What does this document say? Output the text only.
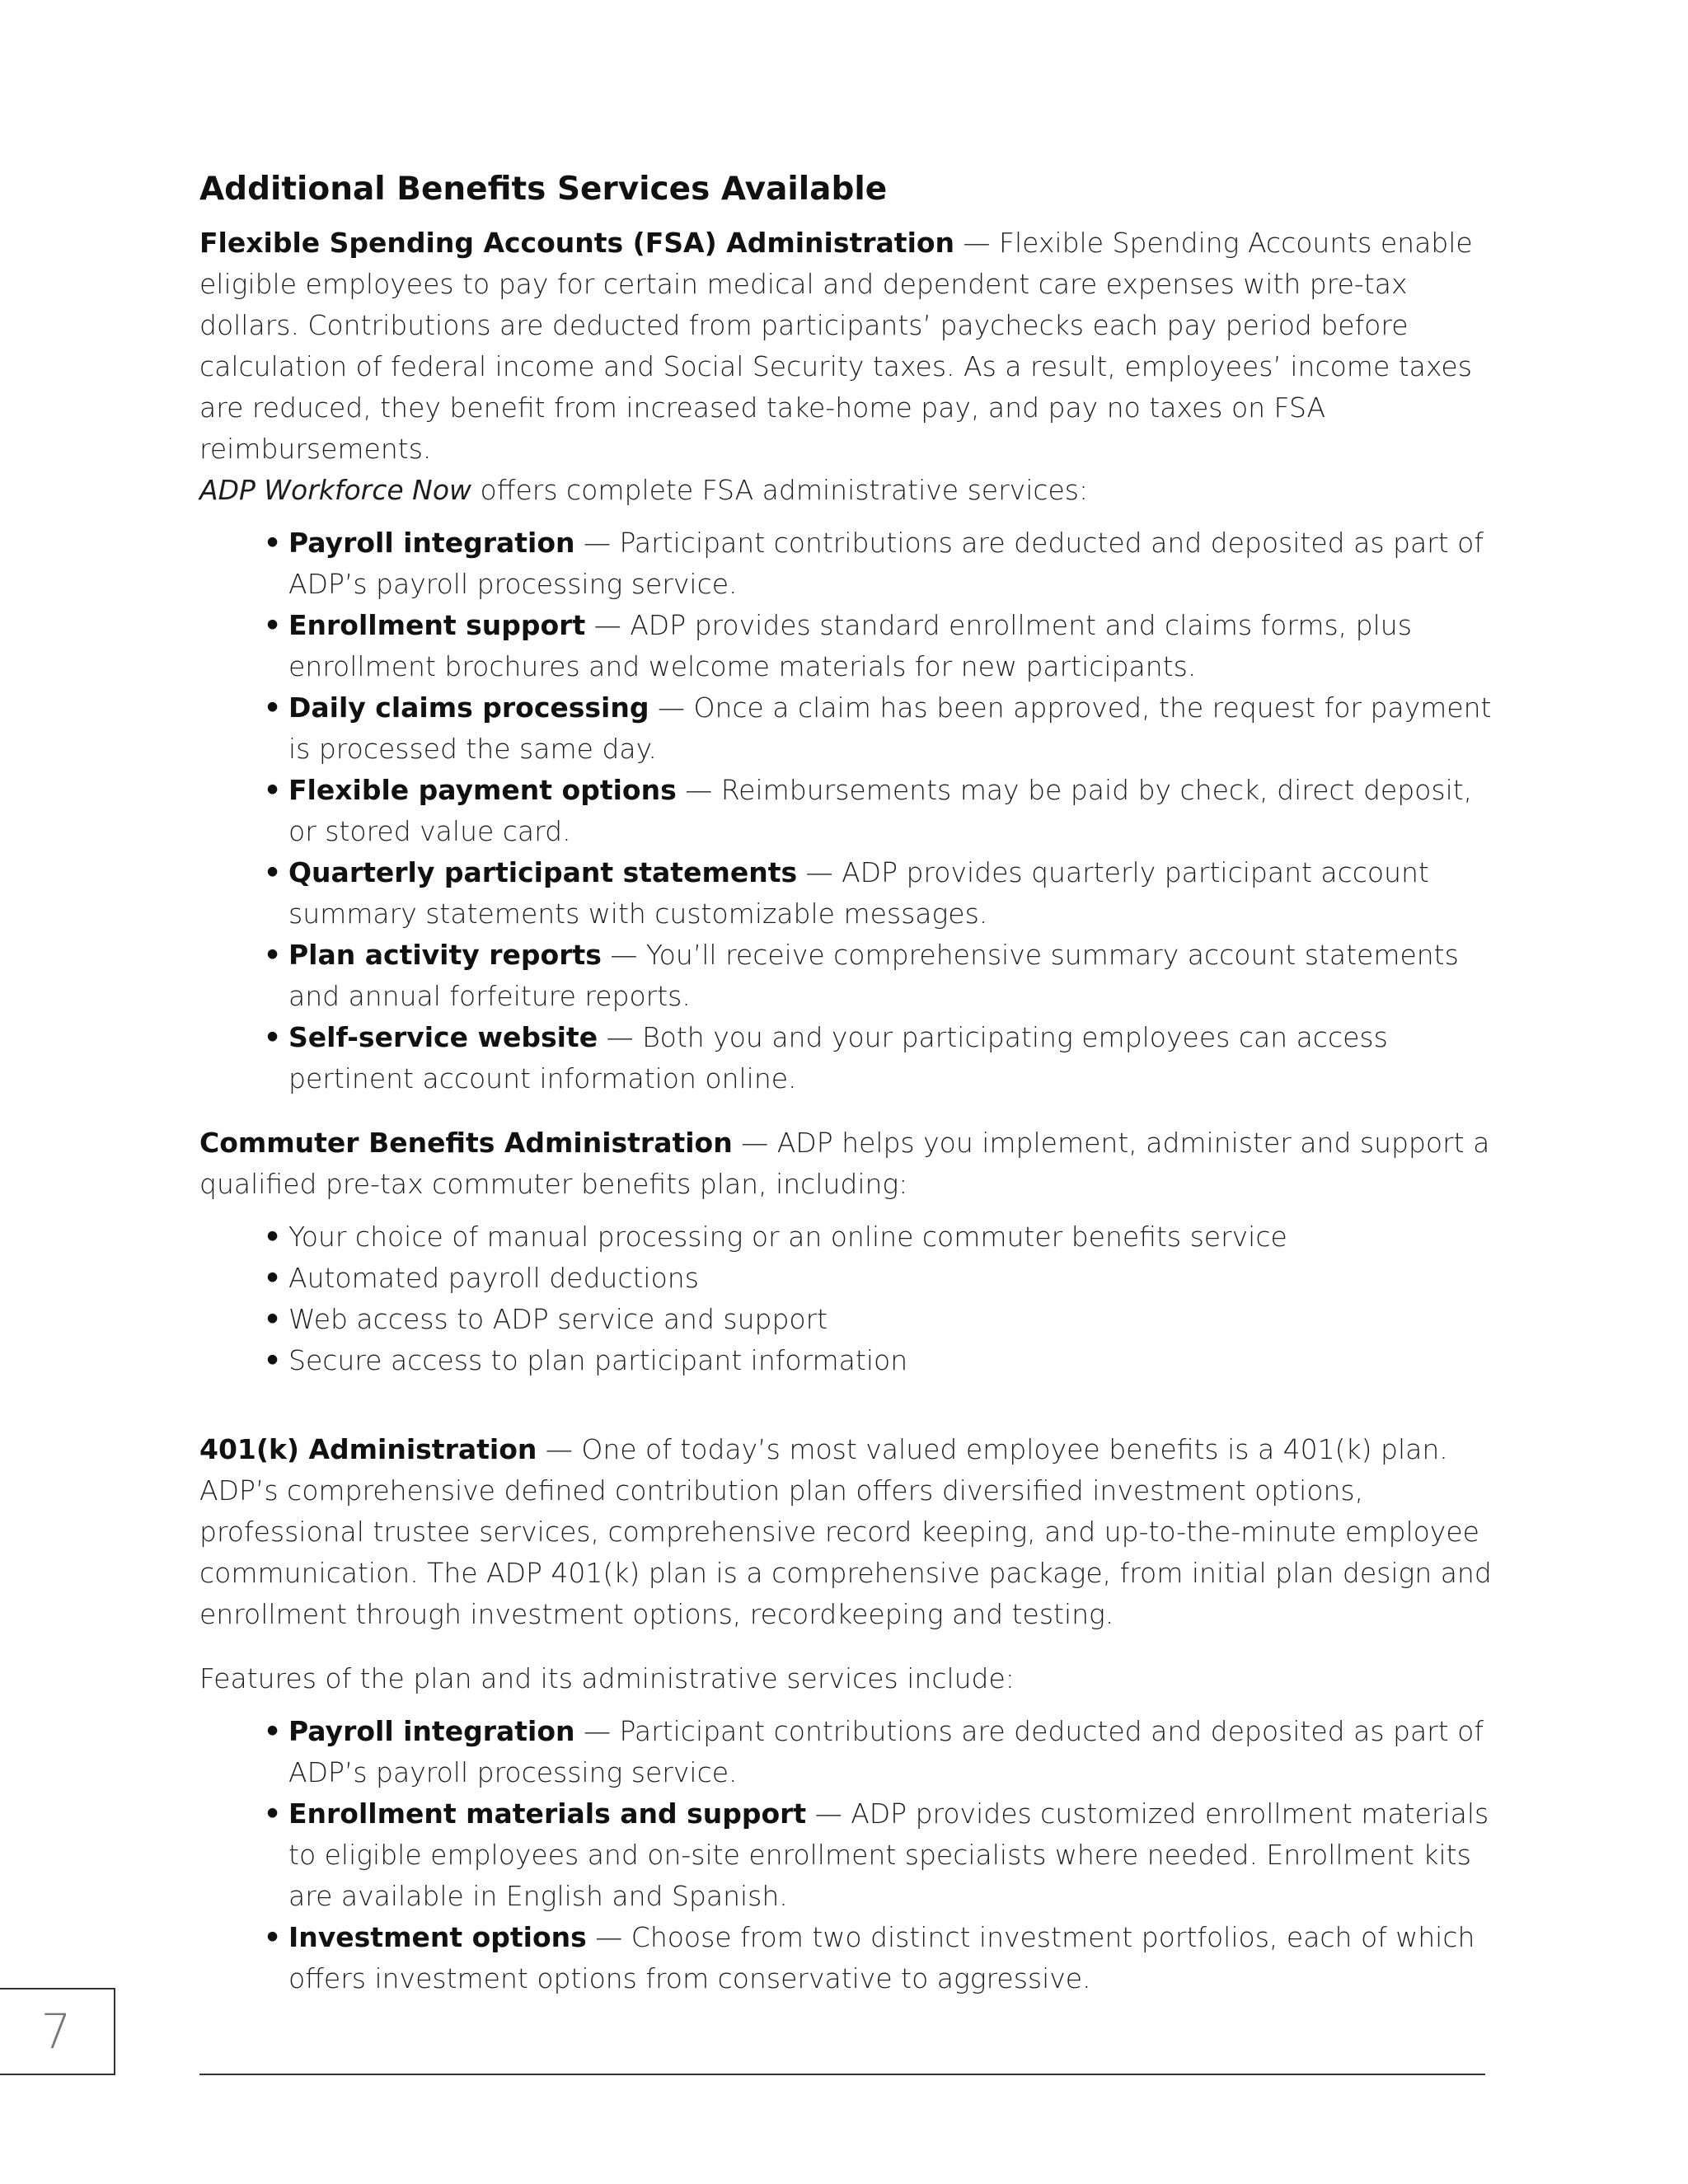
Additional Benefits Services Available

Flexible Spending Accounts (FSA) Administration — Flexible Spending Accounts enable eligible employees to pay for certain medical and dependent care expenses with pre-tax dollars. Contributions are deducted from participants’ paychecks each pay period before calculation of federal income and Social Security taxes. As a result, employees’ income taxes are reduced, they benefit from increased take-home pay, and pay no taxes on FSA reimbursements.

ADP Workforce Now offers complete FSA administrative services:

• Payroll integration — Participant contributions are deducted and deposited as part of ADP’s payroll processing service.
• Enrollment support — ADP provides standard enrollment and claims forms, plus enrollment brochures and welcome materials for new participants.
• Daily claims processing — Once a claim has been approved, the request for payment is processed the same day.
• Flexible payment options — Reimbursements may be paid by check, direct deposit, or stored value card.
• Quarterly participant statements — ADP provides quarterly participant account summary statements with customizable messages.
• Plan activity reports — You’ll receive comprehensive summary account statements and annual forfeiture reports.
• Self-service website — Both you and your participating employees can access pertinent account information online.

Commuter Benefits Administration — ADP helps you implement, administer and support a qualified pre-tax commuter benefits plan, including:

• Your choice of manual processing or an online commuter benefits service
• Automated payroll deductions
• Web access to ADP service and support
• Secure access to plan participant information

401(k) Administration — One of today’s most valued employee benefits is a 401(k) plan. ADP’s comprehensive defined contribution plan offers diversified investment options, professional trustee services, comprehensive record keeping, and up-to-the-minute employee communication. The ADP 401(k) plan is a comprehensive package, from initial plan design and enrollment through investment options, recordkeeping and testing.

Features of the plan and its administrative services include:

• Payroll integration — Participant contributions are deducted and deposited as part of ADP’s payroll processing service.
• Enrollment materials and support — ADP provides customized enrollment materials to eligible employees and on-site enrollment specialists where needed. Enrollment kits are available in English and Spanish.
• Investment options — Choose from two distinct investment portfolios, each of which offers investment options from conservative to aggressive.
7
